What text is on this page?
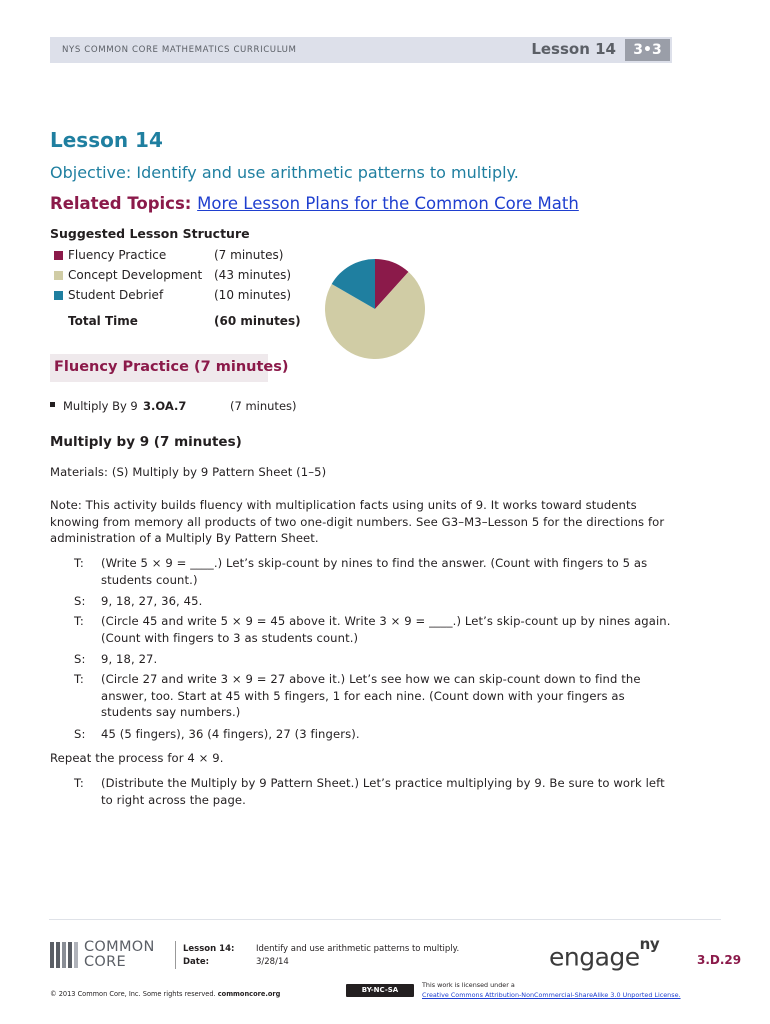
NYS COMMON CORE MATHEMATICS CURRICULUM	Lesson 14	3•3
Lesson 14
Objective: Identify and use arithmetic patterns to multiply.
Related Topics: More Lesson Plans for the Common Core Math
Suggested Lesson Structure
Fluency Practice	(7 minutes)
Concept Development (43 minutes)
Student Debrief	(10 minutes)
Total Time	(60 minutes)
Fluency Practice (7 minutes)
Multiply By 9 3.OA.7	(7 minutes)
Multiply by 9 (7 minutes)
Materials: (S) Multiply by 9 Pattern Sheet (1–5)
Note: This activity builds fluency with multiplication facts using units of 9. It works toward students knowing from memory all products of two one-digit numbers. See G3–M3–Lesson 5 for the directions for administration of a Multiply By Pattern Sheet.
T: (Write 5 × 9 = ____.) Let’s skip-count by nines to find the answer. (Count with fingers to 5 as students count.)
S: 9, 18, 27, 36, 45.
T: (Circle 45 and write 5 × 9 = 45 above it. Write 3 × 9 = ____.) Let’s skip-count up by nines again. (Count with fingers to 3 as students count.)
S: 9, 18, 27.
T: (Circle 27 and write 3 × 9 = 27 above it.) Let’s see how we can skip-count down to find the answer, too. Start at 45 with 5 fingers, 1 for each nine. (Count down with your fingers as students say numbers.)
S: 45 (5 fingers), 36 (4 fingers), 27 (3 fingers).
Repeat the process for 4 × 9.
T: (Distribute the Multiply by 9 Pattern Sheet.) Let’s practice multiplying by 9. Be sure to work left to right across the page.
COMMON
CORE
Lesson 14:
Date:
Identify and use arithmetic patterns to multiply.
3/28/14	engage$^{ny}$
3.D.29
© 2013 Common Core, Inc. Some rights reserved. commoncore.org	BY-NC-SA
This work is licensed under a
Creative Commons Attribution-NonCommercial-ShareAlike 3.0 Unported License.
